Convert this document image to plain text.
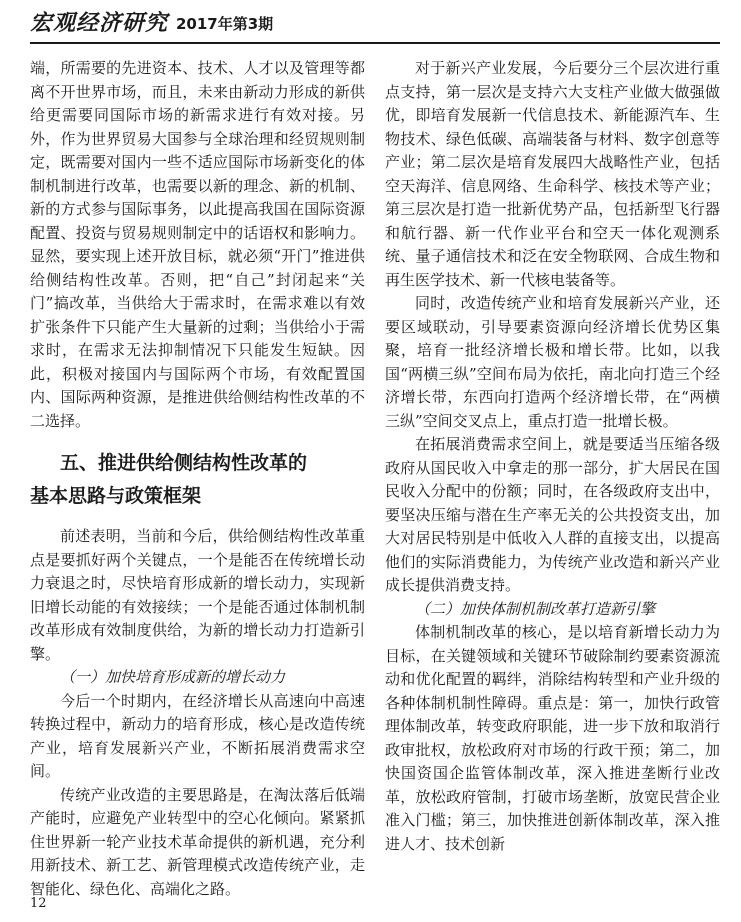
宏观经济研究 2017年第3期

端，所需要的先进资本、技术、人才以及管理等都离不开世界市场，而且，未来由新动力形成的新供给更需要同国际市场的新需求进行有效对接。另外，作为世界贸易大国参与全球治理和经贸规则制定，既需要对国内一些不适应国际市场新变化的体制机制进行改革，也需要以新的理念、新的机制、新的方式参与国际事务，以此提高我国在国际资源配置、投资与贸易规则制定中的话语权和影响力。显然，要实现上述开放目标，就必须“开门”推进供给侧结构性改革。否则，把“自己”封闭起来“关门”搞改革，当供给大于需求时，在需求难以有效扩张条件下只能产生大量新的过剩；当供给小于需求时，在需求无法抑制情况下只能发生短缺。因此，积极对接国内与国际两个市场，有效配置国内、国际两种资源，是推进供给侧结构性改革的不二选择。

五、推进供给侧结构性改革的
基本思路与政策框架

前述表明，当前和今后，供给侧结构性改革重点是要抓好两个关键点，一个是能否在传统增长动力衰退之时，尽快培育形成新的增长动力，实现新旧增长动能的有效接续；一个是能否通过体制机制改革形成有效制度供给，为新的增长动力打造新引擎。

（一）加快培育形成新的增长动力

今后一个时期内，在经济增长从高速向中高速转换过程中，新动力的培育形成，核心是改造传统产业，培育发展新兴产业，不断拓展消费需求空间。

传统产业改造的主要思路是，在淘汰落后低端产能时，应避免产业转型中的空心化倾向。紧紧抓住世界新一轮产业技术革命提供的新机遇，充分利用新技术、新工艺、新管理模式改造传统产业，走智能化、绿色化、高端化之路。

对于新兴产业发展，今后要分三个层次进行重点支持，第一层次是支持六大支柱产业做大做强做优，即培育发展新一代信息技术、新能源汽车、生物技术、绿色低碳、高端装备与材料、数字创意等产业；第二层次是培育发展四大战略性产业，包括空天海洋、信息网络、生命科学、核技术等产业；第三层次是打造一批新优势产品，包括新型飞行器和航行器、新一代作业平台和空天一体化观测系统、量子通信技术和泛在安全物联网、合成生物和再生医学技术、新一代核电装备等。

同时，改造传统产业和培育发展新兴产业，还要区域联动，引导要素资源向经济增长优势区集聚，培育一批经济增长极和增长带。比如，以我国“两横三纵”空间布局为依托，南北向打造三个经济增长带，东西向打造两个经济增长带，在“两横三纵”空间交叉点上，重点打造一批增长极。

在拓展消费需求空间上，就是要适当压缩各级政府从国民收入中拿走的那一部分，扩大居民在国民收入分配中的份额；同时，在各级政府支出中，要坚决压缩与潜在生产率无关的公共投资支出，加大对居民特别是中低收入人群的直接支出，以提高他们的实际消费能力，为传统产业改造和新兴产业成长提供消费支持。

（二）加快体制机制改革打造新引擎

体制机制改革的核心，是以培育新增长动力为目标，在关键领域和关键环节破除制约要素资源流动和优化配置的羁绊，消除结构转型和产业升级的各种体制机制性障碍。重点是：第一，加快行政管理体制改革，转变政府职能，进一步下放和取消行政审批权，放松政府对市场的行政干预；第二，加快国资国企监管体制改革，深入推进垄断行业改革，放松政府管制，打破市场垄断，放宽民营企业准入门槛；第三，加快推进创新体制改革，深入推进人才、技术创新

12
